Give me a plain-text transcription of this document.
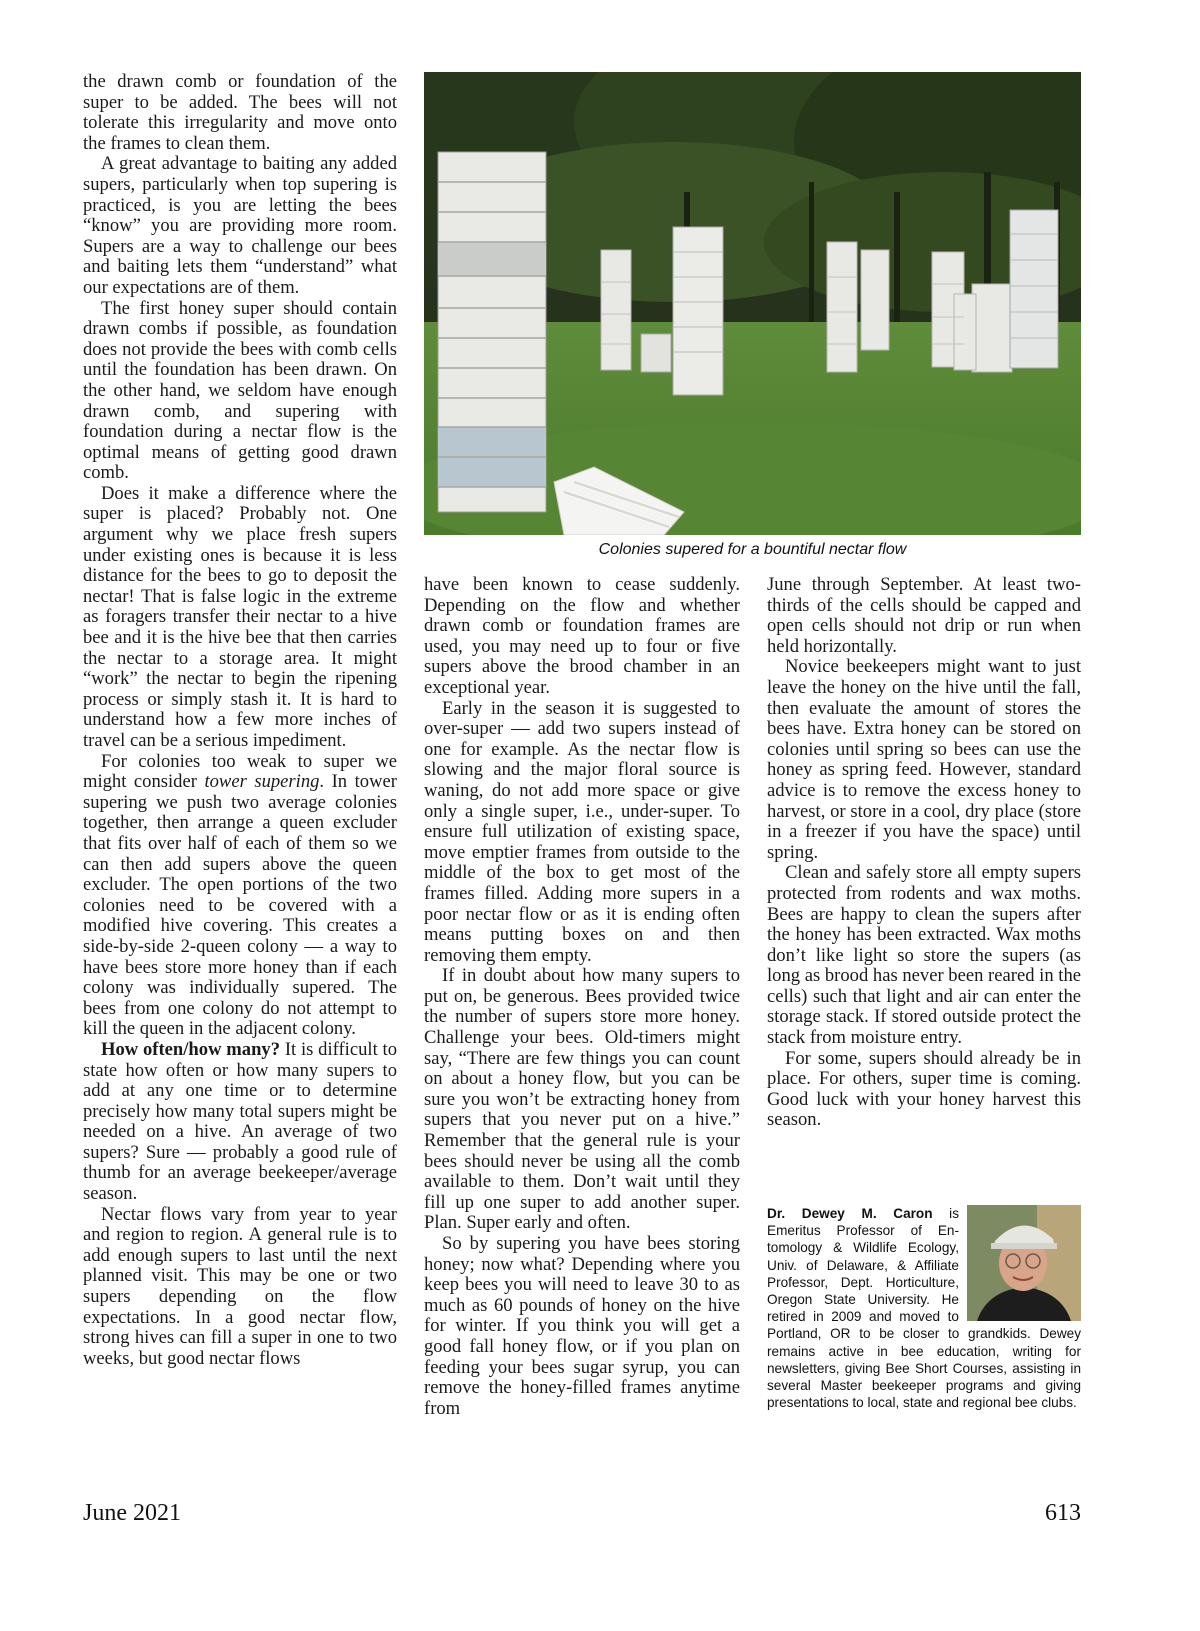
the drawn comb or foundation of the super to be added. The bees will not tolerate this irregularity and move onto the frames to clean them.

A great advantage to baiting any added supers, particularly when top supering is practiced, is you are letting the bees “know” you are providing more room. Supers are a way to challenge our bees and baiting lets them “understand” what our expectations are of them.

The first honey super should contain drawn combs if possible, as foundation does not provide the bees with comb cells until the foundation has been drawn. On the other hand, we seldom have enough drawn comb, and supering with foundation during a nectar flow is the optimal means of getting good drawn comb.

Does it make a difference where the super is placed? Probably not. One argument why we place fresh supers under existing ones is because it is less distance for the bees to go to deposit the nectar! That is false logic in the extreme as foragers transfer their nectar to a hive bee and it is the hive bee that then carries the nectar to a storage area. It might “work” the nectar to begin the ripening process or simply stash it. It is hard to understand how a few more inches of travel can be a serious impediment.

For colonies too weak to super we might consider tower supering. In tower supering we push two average colonies together, then arrange a queen excluder that fits over half of each of them so we can then add supers above the queen excluder. The open portions of the two colonies need to be covered with a modified hive covering. This creates a side-by-side 2-queen colony — a way to have bees store more honey than if each colony was individually supered. The bees from one colony do not attempt to kill the queen in the adjacent colony.

How often/how many? It is difficult to state how often or how many supers to add at any one time or to determine precisely how many total supers might be needed on a hive. An average of two supers? Sure — probably a good rule of thumb for an average beekeeper/average season.

Nectar flows vary from year to year and region to region. A general rule is to add enough supers to last until the next planned visit. This may be one or two supers depending on the flow expectations. In a good nectar flow, strong hives can fill a super in one to two weeks, but good nectar flows

Colonies supered for a bountiful nectar flow

have been known to cease suddenly. Depending on the flow and whether drawn comb or foundation frames are used, you may need up to four or five supers above the brood chamber in an exceptional year.

Early in the season it is suggested to over-super — add two supers instead of one for example. As the nectar flow is slowing and the major floral source is waning, do not add more space or give only a single super, i.e., under-super. To ensure full utilization of existing space, move emptier frames from outside to the middle of the box to get most of the frames filled. Adding more supers in a poor nectar flow or as it is ending often means putting boxes on and then removing them empty.

If in doubt about how many supers to put on, be generous. Bees provided twice the number of supers store more honey. Challenge your bees. Old-timers might say, “There are few things you can count on about a honey flow, but you can be sure you won’t be extracting honey from supers that you never put on a hive.” Remember that the general rule is your bees should never be using all the comb available to them. Don’t wait until they fill up one super to add another super. Plan. Super early and often.

So by supering you have bees storing honey; now what? Depending where you keep bees you will need to leave 30 to as much as 60 pounds of honey on the hive for winter. If you think you will get a good fall honey flow, or if you plan on feeding your bees sugar syrup, you can remove the honey-filled frames anytime from

June through September. At least two-thirds of the cells should be capped and open cells should not drip or run when held horizontally.

Novice beekeepers might want to just leave the honey on the hive until the fall, then evaluate the amount of stores the bees have. Extra honey can be stored on colonies until spring so bees can use the honey as spring feed. However, standard advice is to remove the excess honey to harvest, or store in a cool, dry place (store in a freezer if you have the space) until spring.

Clean and safely store all empty supers protected from rodents and wax moths. Bees are happy to clean the supers after the honey has been extracted. Wax moths don’t like light so store the supers (as long as brood has never been reared in the cells) such that light and air can enter the storage stack. If stored outside protect the stack from moisture entry.

For some, supers should already be in place. For others, super time is coming. Good luck with your honey harvest this season.

Dr. Dewey M. Caron is Emeritus Professor of Entomology & Wildlife Ecology, Univ. of Delaware, & Affiliate Professor, Dept. Horticulture, Oregon State University. He retired in 2009 and moved to Portland, OR to be closer to grandkids. Dewey remains active in bee education, writing for newsletters, giving Bee Short Courses, assisting in several Master beekeeper programs and giving presentations to local, state and regional bee clubs.
June 2021	613
